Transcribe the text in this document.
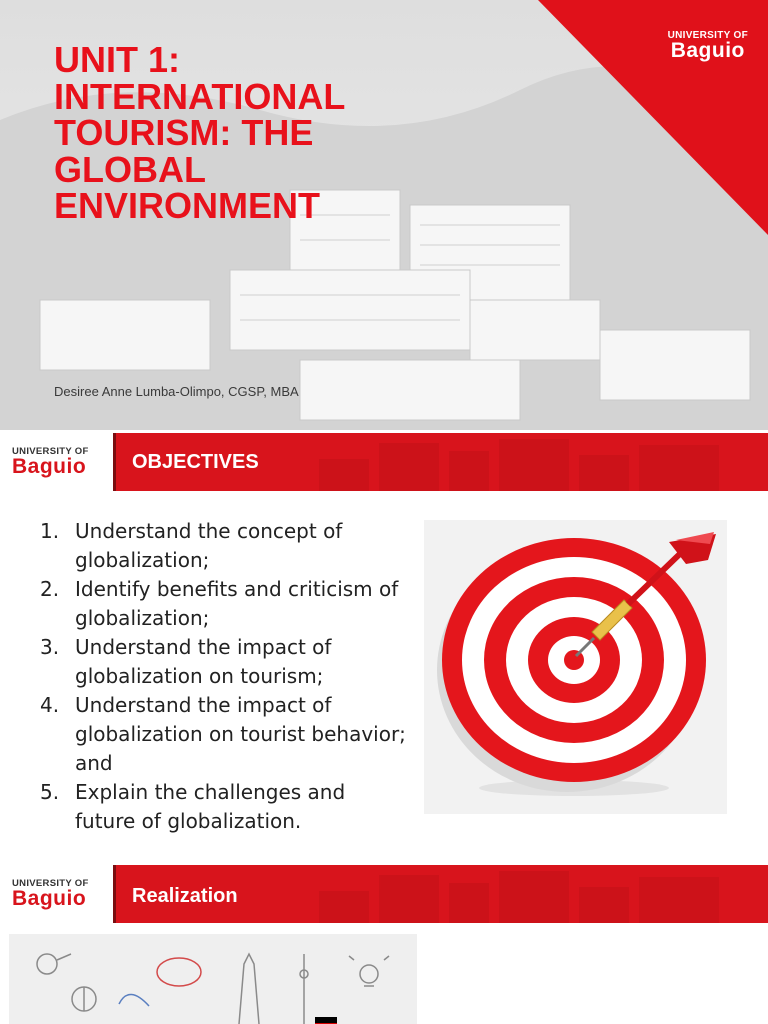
UNIVERSITY OF
Baguio
UNIT 1:
INTERNATIONAL
TOURISM: THE
GLOBAL
ENVIRONMENT
Desiree Anne Lumba-Olimpo, CGSP, MBA
UNIVERSITY OF
Baguio OBJECTIVES
1. Understand the concept of globalization;
2. Identify benefits and criticism of globalization;
3. Understand the impact of globalization on tourism;
4. Understand the impact of globalization on tourist behavior; and
5. Explain the challenges and future of globalization.
UNIVERSITY OF
Baguio Realization
